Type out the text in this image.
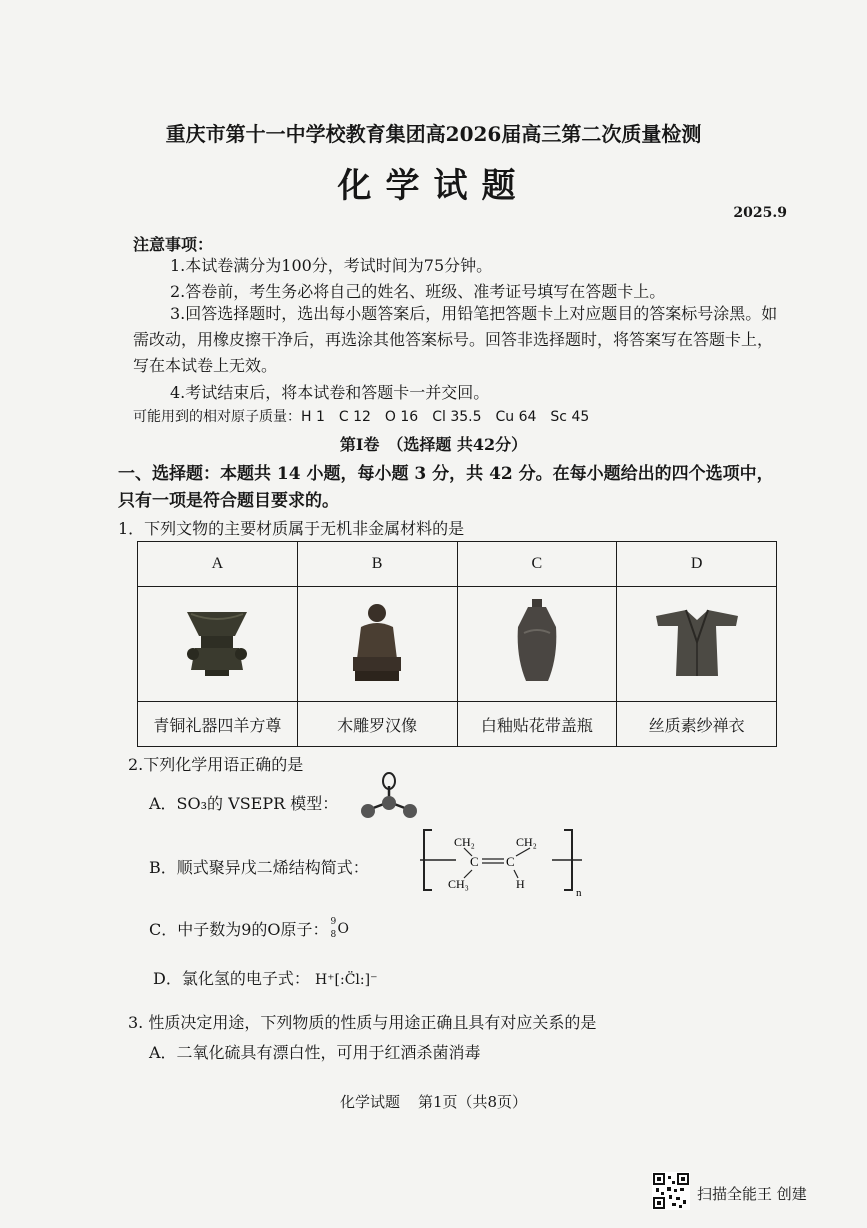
重庆市第十一中学校教育集团高2026届高三第二次质量检测
化学试题
2025.9
注意事项：
1.本试卷满分为100分，考试时间为75分钟。
2.答卷前，考生务必将自己的姓名、班级、准考证号填写在答题卡上。
3.回答选择题时，选出每小题答案后，用铅笔把答题卡上对应题目的答案标号涂黑。如需改动，用橡皮擦干净后，再选涂其他答案标号。回答非选择题时，将答案写在答题卡上，写在本试卷上无效。
4.考试结束后，将本试卷和答题卡一并交回。
可能用到的相对原子质量：H 1　C 12　O 16　Cl 35.5　Cu 64　Sc 45
第Ⅰ卷　（选择题 共42分）
一、选择题：本题共 14 小题，每小题 3 分，共 42 分。在每小题给出的四个选项中，只有一项是符合题目要求的。
1．下列文物的主要材质属于无机非金属材料的是
A	B	C	D

青铜礼器四羊方尊	木雕罗汉像	白釉贴花带盖瓶	丝质素纱禅衣
2.下列化学用语正确的是
A．SO₃的 VSEPR 模型：
B．顺式聚异戊二烯结构简式：
CH₂	CH₂
C C
CH₃	H
n
C．中子数为9的O原子： 9
8 O
D．氯化氢的电子式： H⁺[:C̈l:]⁻
3. 性质决定用途，下列物质的性质与用途正确且具有对应关系的是
A．二氧化硫具有漂白性，可用于红酒杀菌消毒
化学试题 第1页（共8页）
扫描全能王 创建
